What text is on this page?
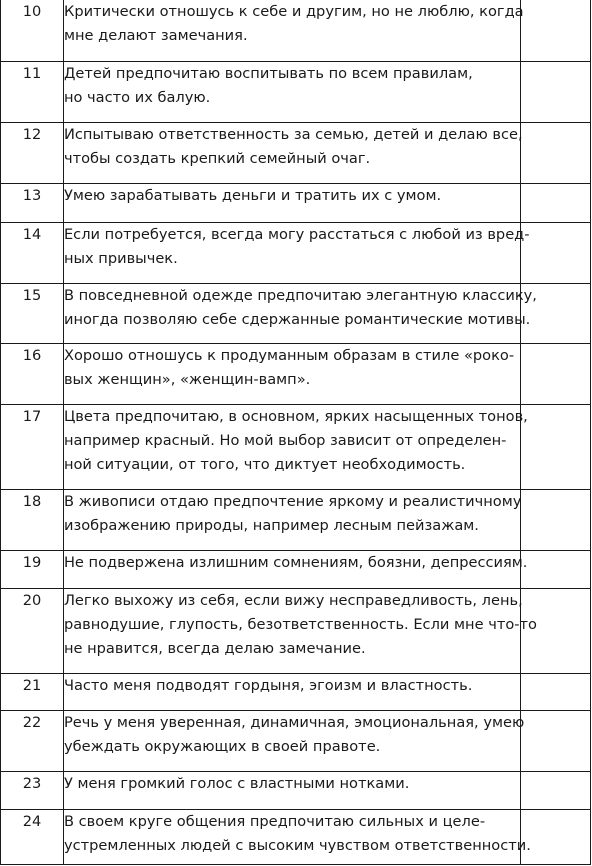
10	Критически отношусь к себе и другим, но не люблю, когда
мне делают замечания.	

11	Детей предпочитаю воспитывать по всем правилам,
но часто их балую.	

12	Испытываю ответственность за семью, детей и делаю все,
чтобы создать крепкий семейный очаг.	

13	Умею зарабатывать деньги и тратить их с умом.	

14	Если потребуется, всегда могу расстаться с любой из вред-
ных привычек.	

15	В повседневной одежде предпочитаю элегантную классику,
иногда позволяю себе сдержанные романтические мотивы.	

16	Хорошо отношусь к продуманным образам в стиле «роко-
вых женщин», «женщин-вамп».	

17	Цвета предпочитаю, в основном, ярких насыщенных тонов,
например красный. Но мой выбор зависит от определен-
ной ситуации, от того, что диктует необходимость.	

18	В живописи отдаю предпочтение яркому и реалистичному
изображению природы, например лесным пейзажам.	

19	Не подвержена излишним сомнениям, боязни, депрессиям.	

20	Легко выхожу из себя, если вижу несправедливость, лень,
равнодушие, глупость, безответственность. Если мне что-то
не нравится, всегда делаю замечание.	

21	Часто меня подводят гордыня, эгоизм и властность.	

22	Речь у меня уверенная, динамичная, эмоциональная, умею
убеждать окружающих в своей правоте.	

23	У меня громкий голос с властными нотками.	

24	В своем круге общения предпочитаю сильных и целе-
устремленных людей с высоким чувством ответственности.	
